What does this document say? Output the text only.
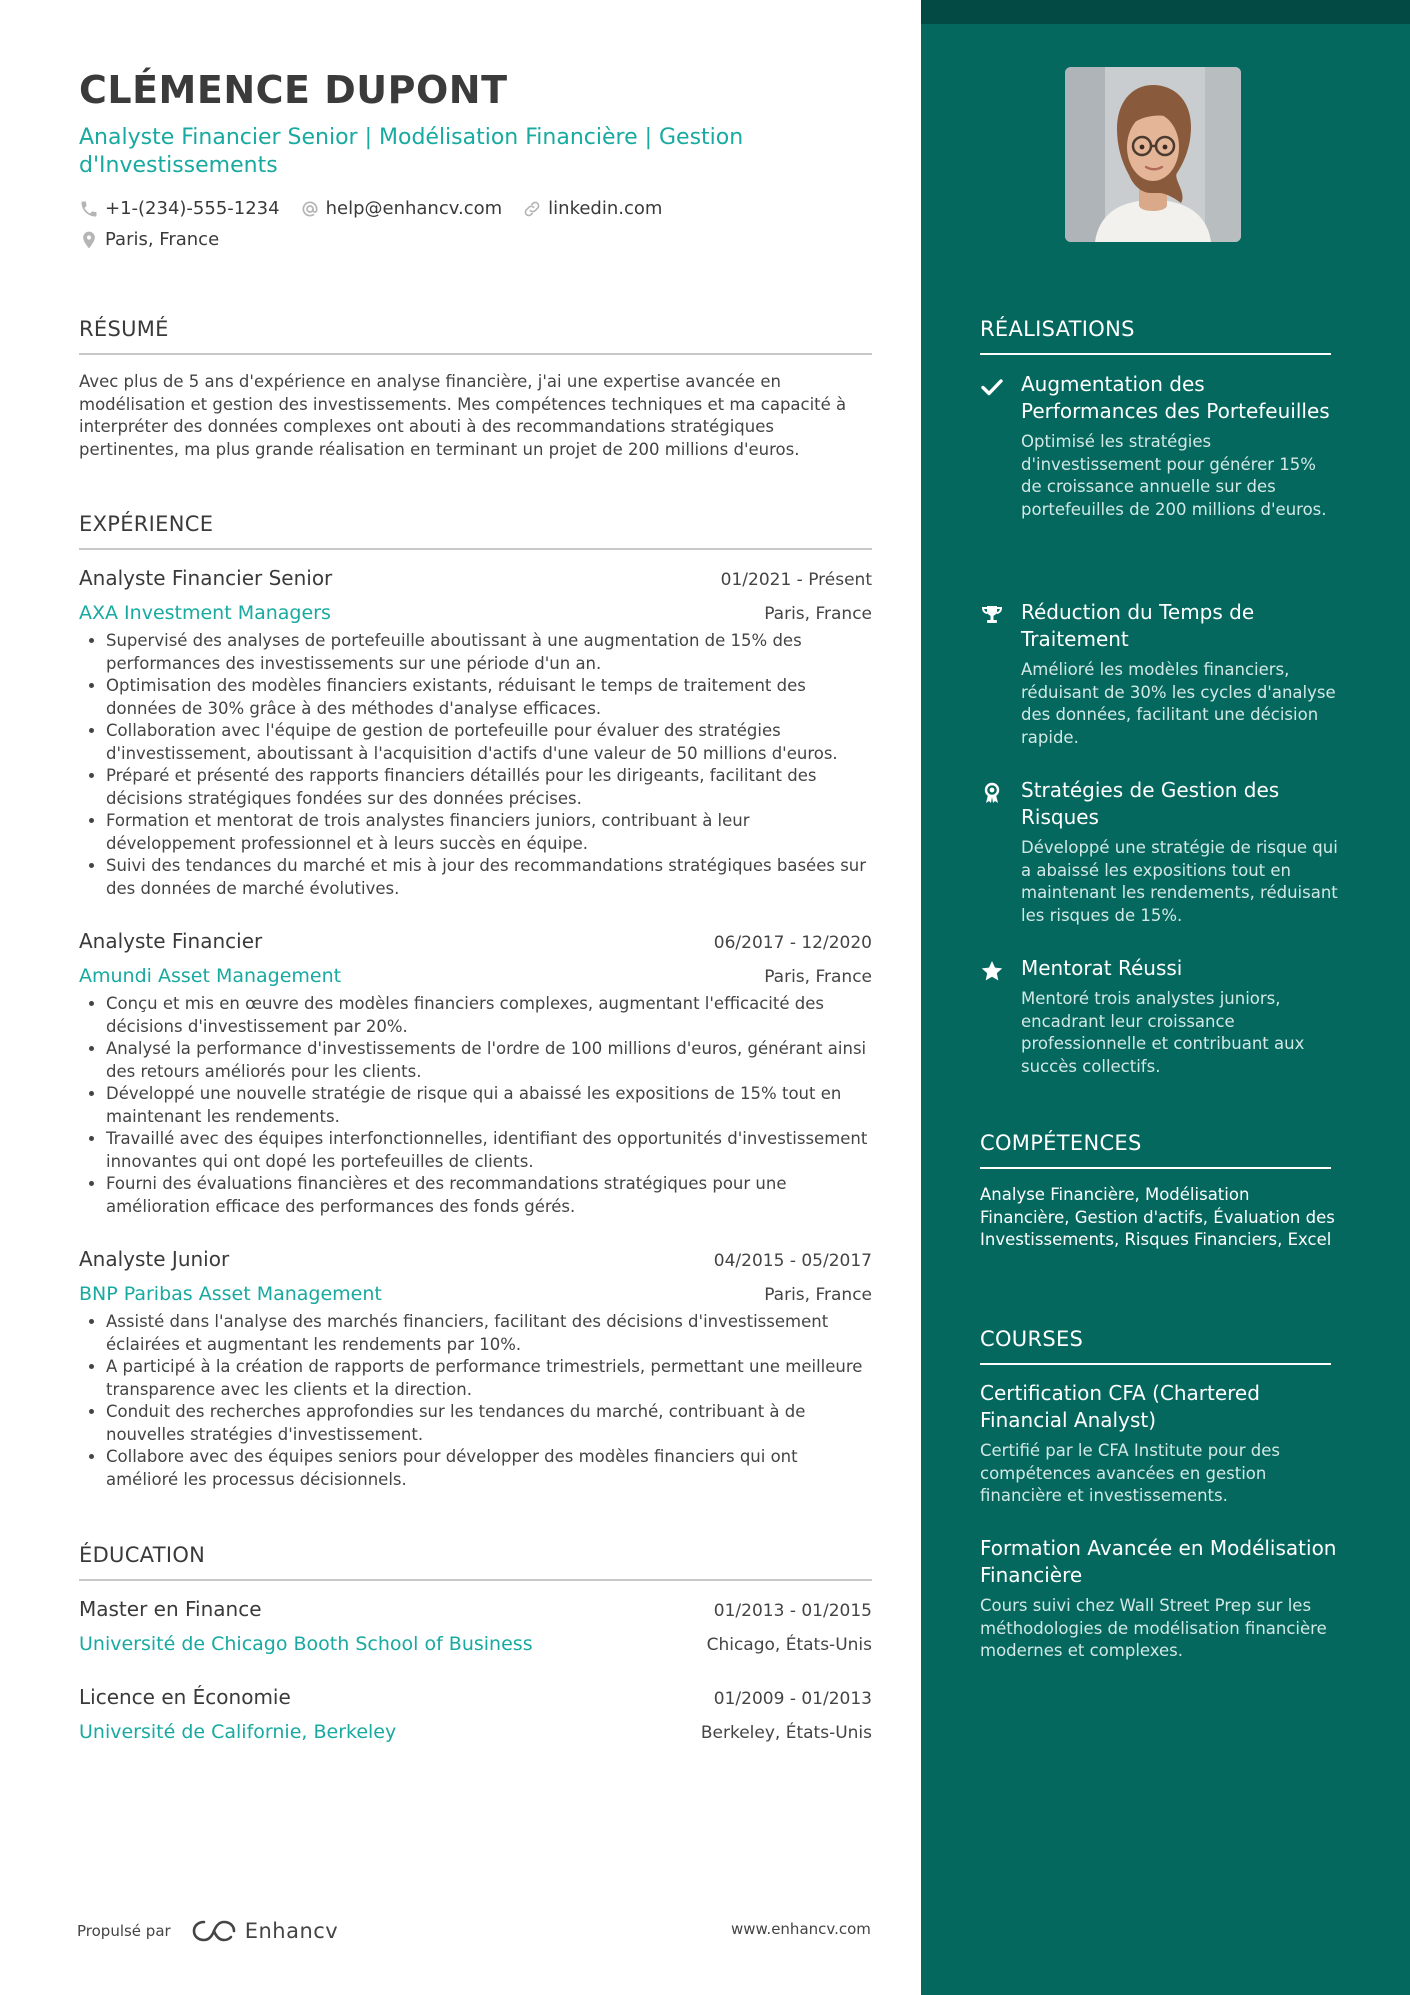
CLÉMENCE DUPONT
Analyste Financier Senior | Modélisation Financière | Gestion d'Investissements
+1-(234)-555-1234	help@enhancv.com	linkedin.com
Paris, France
RÉSUMÉ
Avec plus de 5 ans d'expérience en analyse financière, j'ai une expertise avancée en modélisation et gestion des investissements. Mes compétences techniques et ma capacité à interpréter des données complexes ont abouti à des recommandations stratégiques pertinentes, ma plus grande réalisation en terminant un projet de 200 millions d'euros.
EXPÉRIENCE
Analyste Financier Senior	01/2021 - Présent
AXA Investment Managers	Paris, France
• Supervisé des analyses de portefeuille aboutissant à une augmentation de 15% des performances des investissements sur une période d'un an.
• Optimisation des modèles financiers existants, réduisant le temps de traitement des données de 30% grâce à des méthodes d'analyse efficaces.
• Collaboration avec l'équipe de gestion de portefeuille pour évaluer des stratégies d'investissement, aboutissant à l'acquisition d'actifs d'une valeur de 50 millions d'euros.
• Préparé et présenté des rapports financiers détaillés pour les dirigeants, facilitant des décisions stratégiques fondées sur des données précises.
• Formation et mentorat de trois analystes financiers juniors, contribuant à leur développement professionnel et à leurs succès en équipe.
• Suivi des tendances du marché et mis à jour des recommandations stratégiques basées sur des données de marché évolutives.
Analyste Financier	06/2017 - 12/2020
Amundi Asset Management	Paris, France
• Conçu et mis en œuvre des modèles financiers complexes, augmentant l'efficacité des décisions d'investissement par 20%.
• Analysé la performance d'investissements de l'ordre de 100 millions d'euros, générant ainsi des retours améliorés pour les clients.
• Développé une nouvelle stratégie de risque qui a abaissé les expositions de 15% tout en maintenant les rendements.
• Travaillé avec des équipes interfonctionnelles, identifiant des opportunités d'investissement innovantes qui ont dopé les portefeuilles de clients.
• Fourni des évaluations financières et des recommandations stratégiques pour une amélioration efficace des performances des fonds gérés.
Analyste Junior	04/2015 - 05/2017
BNP Paribas Asset Management	Paris, France
• Assisté dans l'analyse des marchés financiers, facilitant des décisions d'investissement éclairées et augmentant les rendements par 10%.
• A participé à la création de rapports de performance trimestriels, permettant une meilleure transparence avec les clients et la direction.
• Conduit des recherches approfondies sur les tendances du marché, contribuant à de nouvelles stratégies d'investissement.
• Collabore avec des équipes seniors pour développer des modèles financiers qui ont amélioré les processus décisionnels.
ÉDUCATION
Master en Finance	01/2013 - 01/2015
Université de Chicago Booth School of Business	Chicago, États-Unis
Licence en Économie	01/2009 - 01/2013
Université de Californie, Berkeley	Berkeley, États-Unis
Propulsé par	Enhancv	www.enhancv.com
RÉALISATIONS
Augmentation des Performances des Portefeuilles
Optimisé les stratégies d'investissement pour générer 15% de croissance annuelle sur des portefeuilles de 200 millions d'euros.
Réduction du Temps de Traitement
Amélioré les modèles financiers, réduisant de 30% les cycles d'analyse des données, facilitant une décision rapide.
Stratégies de Gestion des Risques
Développé une stratégie de risque qui a abaissé les expositions tout en maintenant les rendements, réduisant les risques de 15%.
Mentorat Réussi
Mentoré trois analystes juniors, encadrant leur croissance professionnelle et contribuant aux succès collectifs.
COMPÉTENCES
Analyse Financière, Modélisation Financière, Gestion d'actifs, Évaluation des Investissements, Risques Financiers, Excel
COURSES
Certification CFA (Chartered Financial Analyst)
Certifié par le CFA Institute pour des compétences avancées en gestion financière et investissements.
Formation Avancée en Modélisation Financière
Cours suivi chez Wall Street Prep sur les méthodologies de modélisation financière modernes et complexes.
